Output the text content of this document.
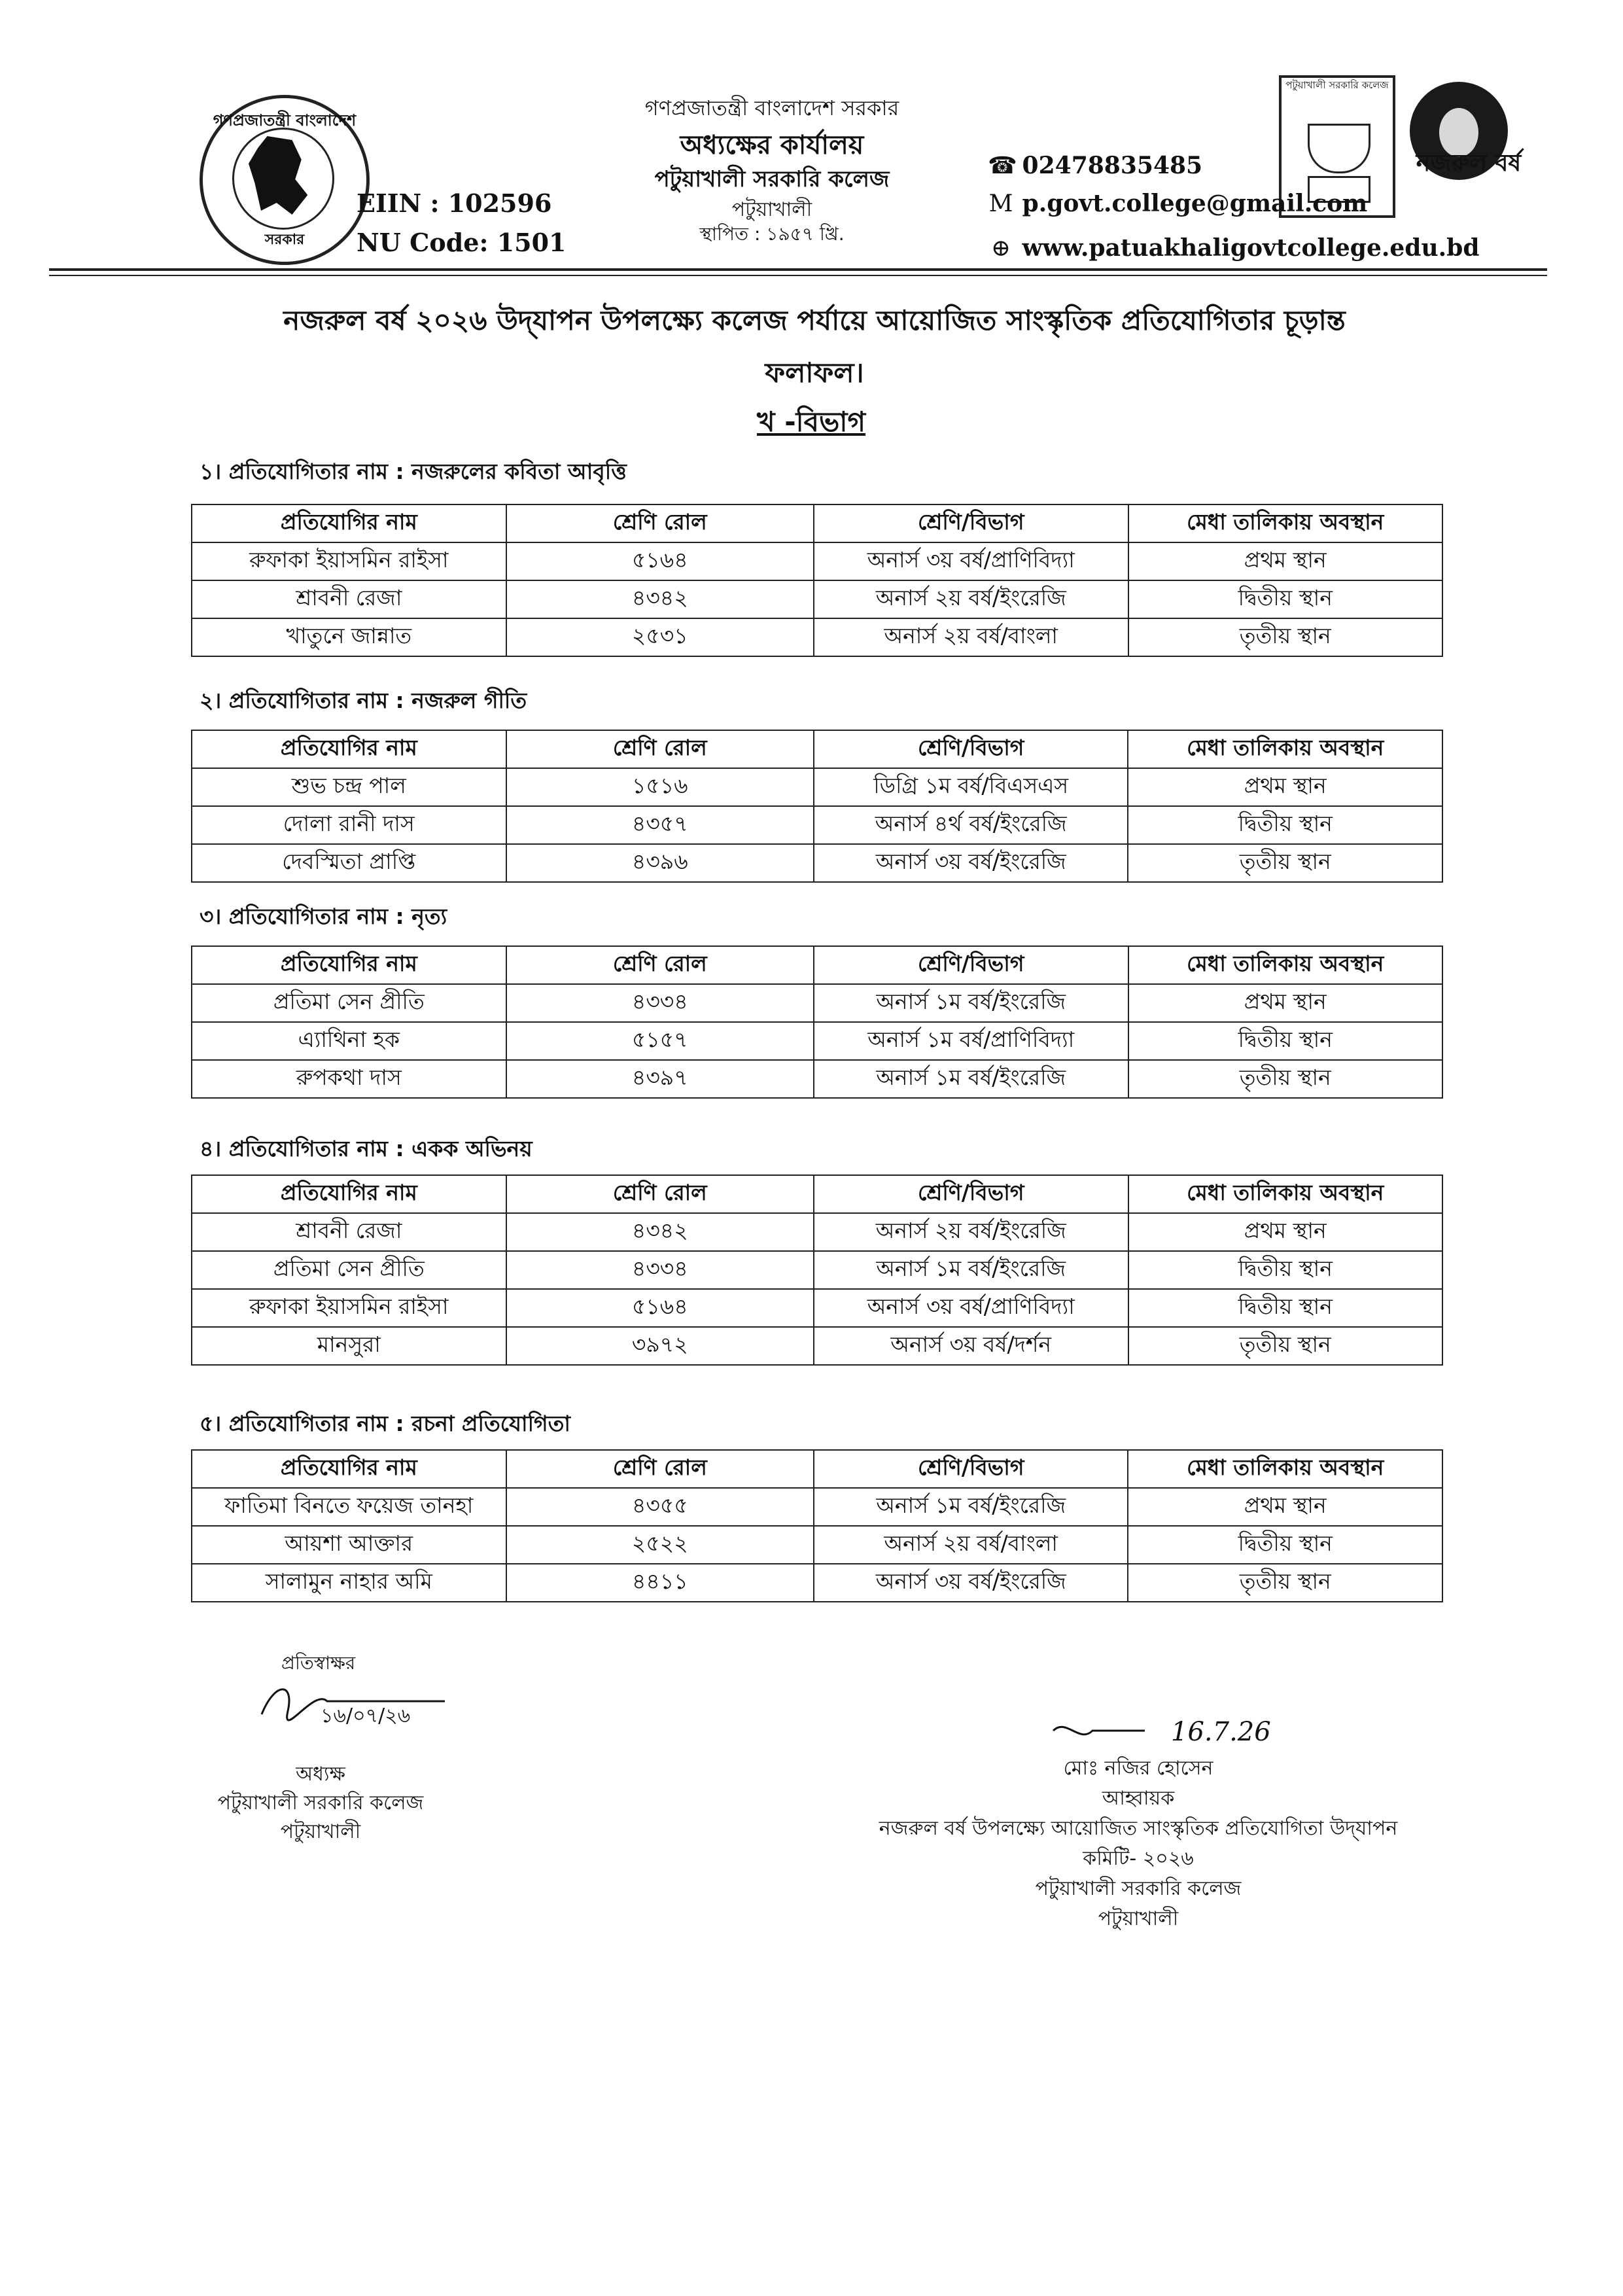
গণপ্রজাতন্ত্রী বাংলাদেশ
সরকার
EIIN : 102596
NU Code: 1501
গণপ্রজাতন্ত্রী বাংলাদেশ সরকার
অধ্যক্ষের কার্যালয়
পটুয়াখালী সরকারি কলেজ
পটুয়াখালী
স্থাপিত : ১৯৫৭ খ্রি.
পটুয়াখালী সরকারি কলেজ
নজরুল বর্ষ
☎ 02478835485
M p.govt.college@gmail.com
⊕ www.patuakhaligovtcollege.edu.bd
নজরুল বর্ষ ২০২৬ উদ্‌যাপন উপলক্ষ্যে কলেজ পর্যায়ে আয়োজিত সাংস্কৃতিক প্রতিযোগিতার চূড়ান্ত
ফলাফল।
খ -বিভাগ
১। প্রতিযোগিতার নাম : নজরুলের কবিতা আবৃত্তি
প্রতিযোগির নাম	শ্রেণি রোল	শ্রেণি/বিভাগ	মেধা তালিকায় অবস্থান
রুফাকা ইয়াসমিন রাইসা	৫১৬৪	অনার্স ৩য় বর্ষ/প্রাণিবিদ্যা	প্রথম স্থান
শ্রাবনী রেজা	৪৩৪২	অনার্স ২য় বর্ষ/ইংরেজি	দ্বিতীয় স্থান
খাতুনে জান্নাত	২৫৩১	অনার্স ২য় বর্ষ/বাংলা	তৃতীয় স্থান
২। প্রতিযোগিতার নাম : নজরুল গীতি
প্রতিযোগির নাম	শ্রেণি রোল	শ্রেণি/বিভাগ	মেধা তালিকায় অবস্থান
শুভ চন্দ্র পাল	১৫১৬	ডিগ্রি ১ম বর্ষ/বিএসএস	প্রথম স্থান
দোলা রানী দাস	৪৩৫৭	অনার্স ৪র্থ বর্ষ/ইংরেজি	দ্বিতীয় স্থান
দেবস্মিতা প্রাপ্তি	৪৩৯৬	অনার্স ৩য় বর্ষ/ইংরেজি	তৃতীয় স্থান
৩। প্রতিযোগিতার নাম : নৃত্য
প্রতিযোগির নাম	শ্রেণি রোল	শ্রেণি/বিভাগ	মেধা তালিকায় অবস্থান
প্রতিমা সেন প্রীতি	৪৩৩৪	অনার্স ১ম বর্ষ/ইংরেজি	প্রথম স্থান
এ্যাথিনা হক	৫১৫৭	অনার্স ১ম বর্ষ/প্রাণিবিদ্যা	দ্বিতীয় স্থান
রুপকথা দাস	৪৩৯৭	অনার্স ১ম বর্ষ/ইংরেজি	তৃতীয় স্থান
৪। প্রতিযোগিতার নাম : একক অভিনয়
প্রতিযোগির নাম	শ্রেণি রোল	শ্রেণি/বিভাগ	মেধা তালিকায় অবস্থান
শ্রাবনী রেজা	৪৩৪২	অনার্স ২য় বর্ষ/ইংরেজি	প্রথম স্থান
প্রতিমা সেন প্রীতি	৪৩৩৪	অনার্স ১ম বর্ষ/ইংরেজি	দ্বিতীয় স্থান
রুফাকা ইয়াসমিন রাইসা	৫১৬৪	অনার্স ৩য় বর্ষ/প্রাণিবিদ্যা	দ্বিতীয় স্থান
মানসুরা	৩৯৭২	অনার্স ৩য় বর্ষ/দর্শন	তৃতীয় স্থান
৫। প্রতিযোগিতার নাম : রচনা প্রতিযোগিতা
প্রতিযোগির নাম	শ্রেণি রোল	শ্রেণি/বিভাগ	মেধা তালিকায় অবস্থান
ফাতিমা বিনতে ফয়েজ তানহা	৪৩৫৫	অনার্স ১ম বর্ষ/ইংরেজি	প্রথম স্থান
আয়শা আক্তার	২৫২২	অনার্স ২য় বর্ষ/বাংলা	দ্বিতীয় স্থান
সালামুন নাহার অমি	৪৪১১	অনার্স ৩য় বর্ষ/ইংরেজি	তৃতীয় স্থান
প্রতিস্বাক্ষর
১৬/০৭/২৬
অধ্যক্ষ
পটুয়াখালী সরকারি কলেজ
পটুয়াখালী
16.7.26
মোঃ নজির হোসেন
আহ্বায়ক
নজরুল বর্ষ উপলক্ষ্যে আয়োজিত সাংস্কৃতিক প্রতিযোগিতা উদ্‌যাপন
কমিটি- ২০২৬
পটুয়াখালী সরকারি কলেজ
পটুয়াখালী
